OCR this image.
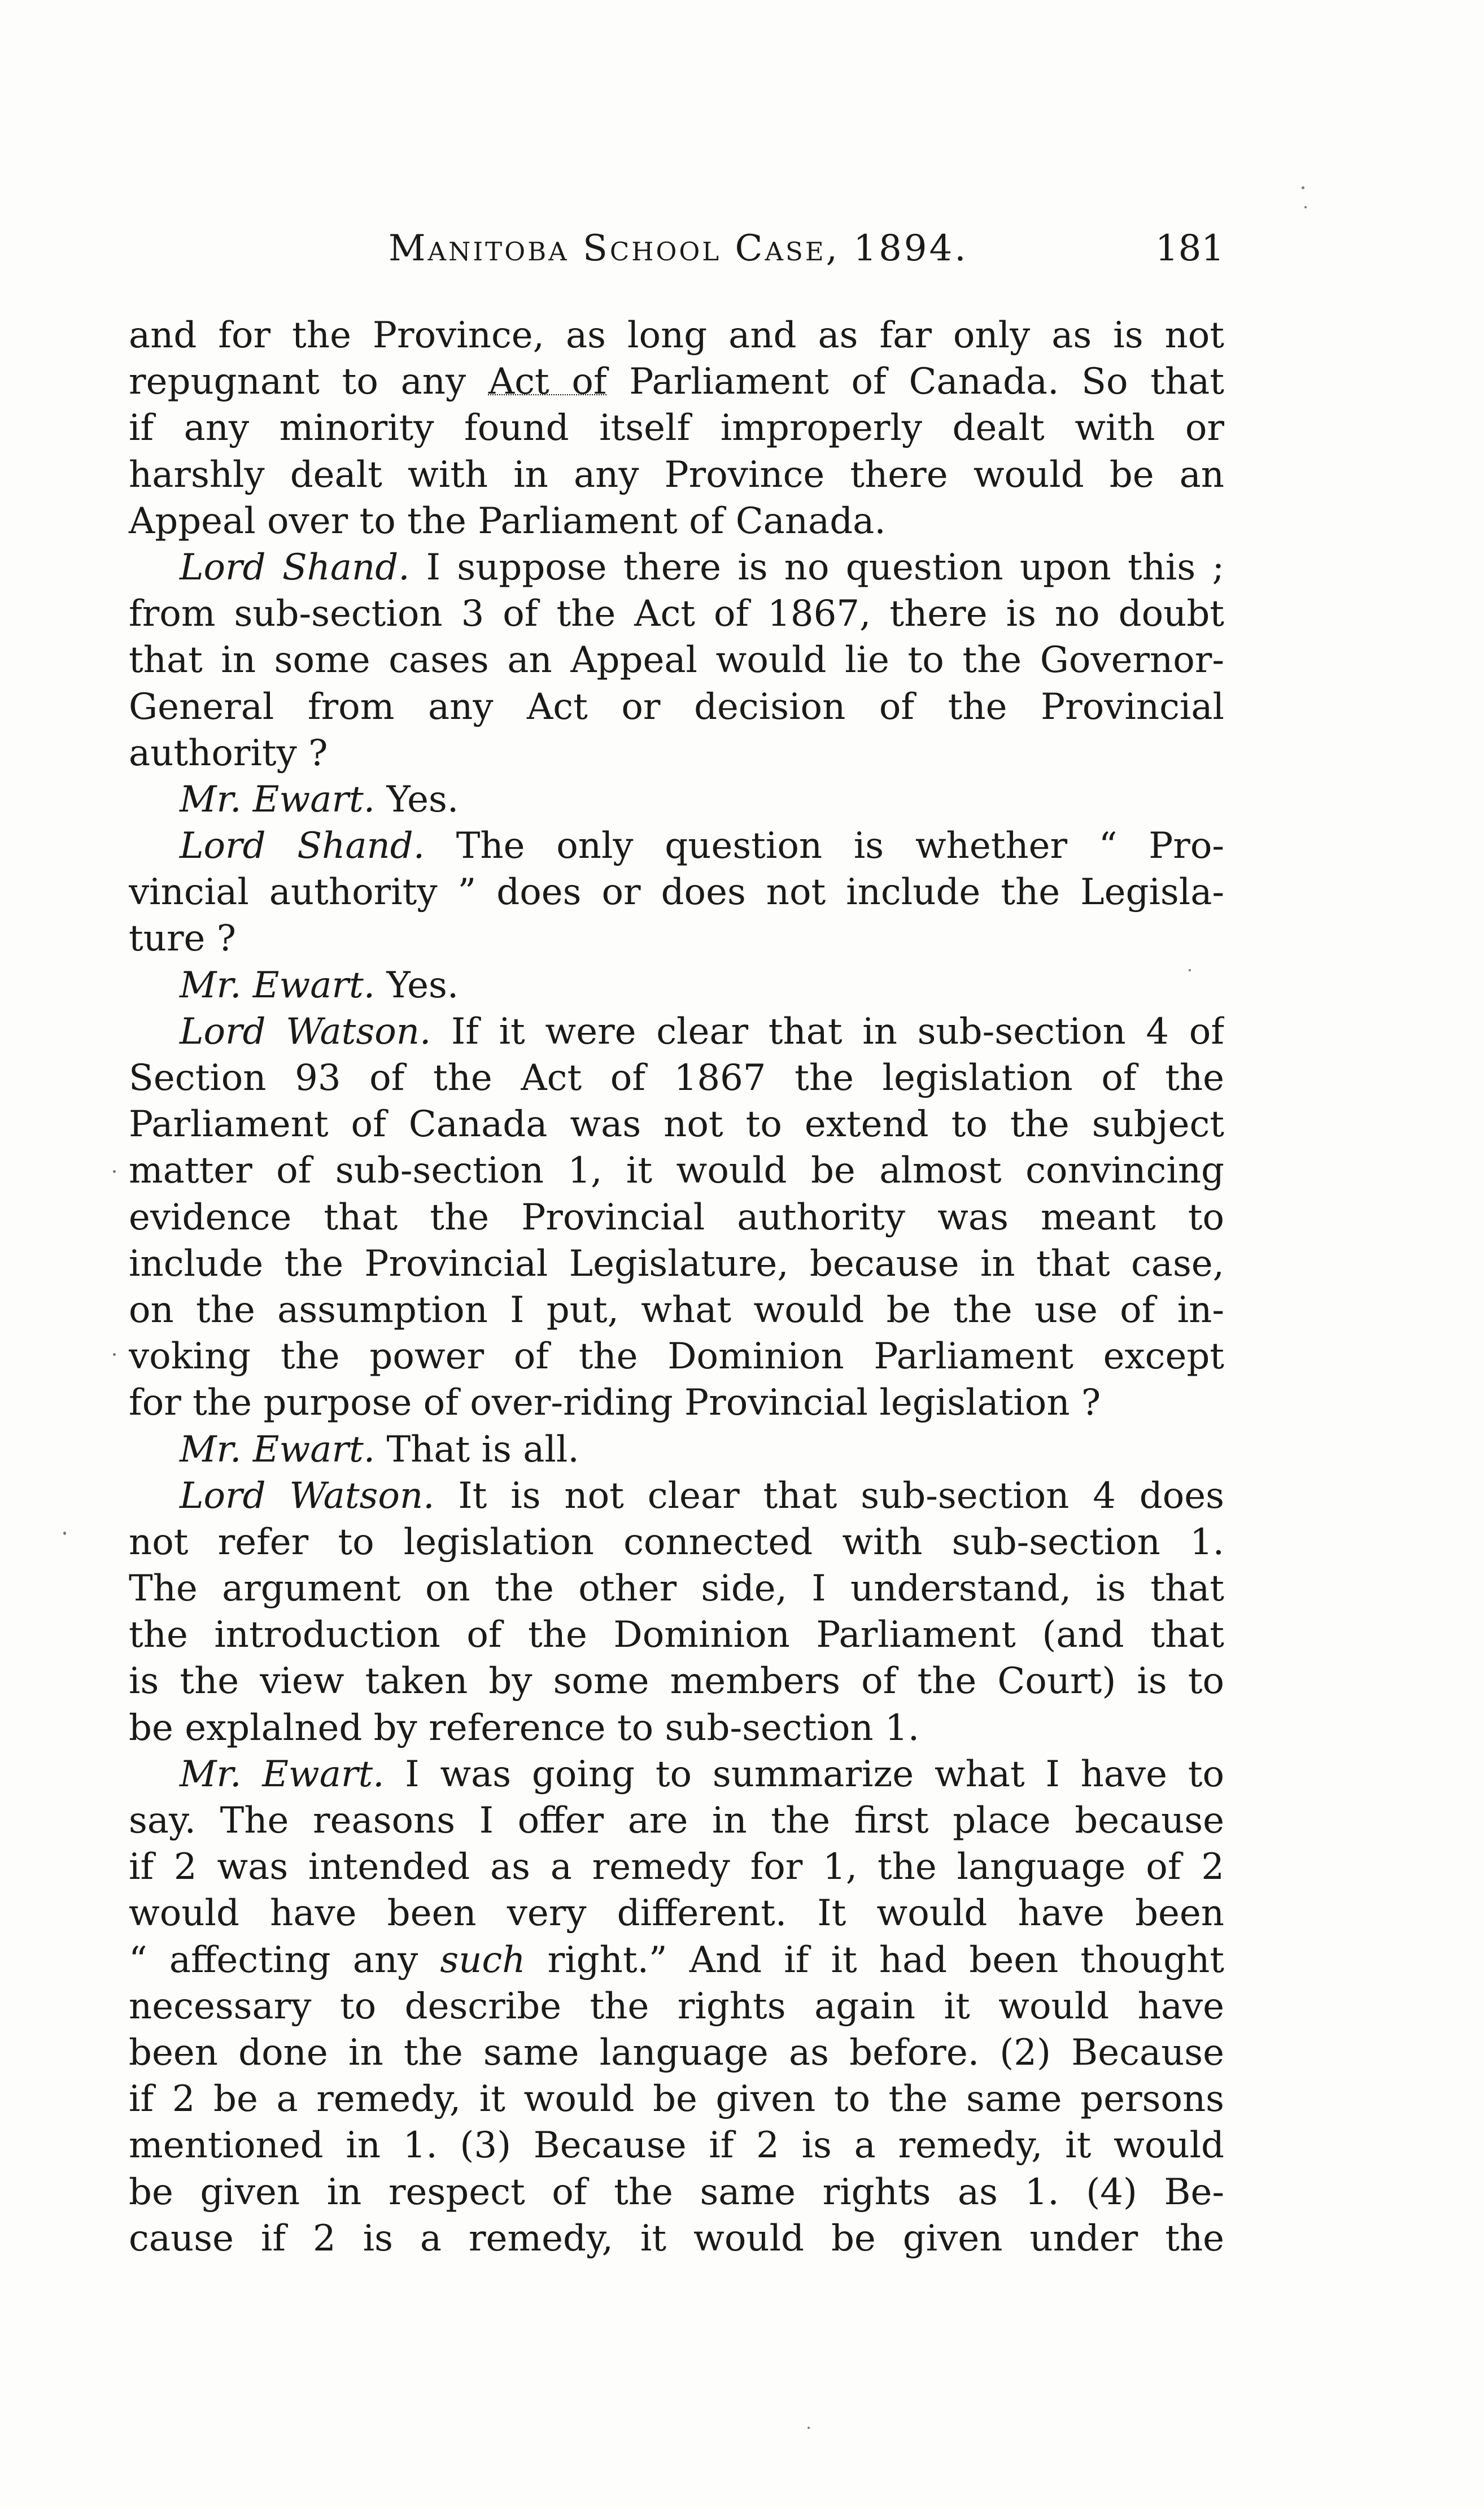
Manitoba School Case, 1894.	181
and for the Province, as long and as far only as is not
repugnant to any Act of Parliament of Canada. So that
if any minority found itself improperly dealt with or
harshly dealt with in any Province there would be an
Appeal over to the Parliament of Canada.
Lord Shand. I suppose there is no question upon this ;
from sub-section 3 of the Act of 1867, there is no doubt
that in some cases an Appeal would lie to the Governor-
General from any Act or decision of the Provincial
authority ?
Mr. Ewart. Yes.
Lord Shand. The only question is whether “ Pro-
vincial authority ” does or does not include the Legisla-
ture ?
Mr. Ewart. Yes.
Lord Watson. If it were clear that in sub-section 4 of
Section 93 of the Act of 1867 the legislation of the
Parliament of Canada was not to extend to the subject
matter of sub-section 1, it would be almost convincing
evidence that the Provincial authority was meant to
include the Provincial Legislature, because in that case,
on the assumption I put, what would be the use of in-
voking the power of the Dominion Parliament except
for the purpose of over-riding Provincial legislation ?
Mr. Ewart. That is all.
Lord Watson. It is not clear that sub-section 4 does
not refer to legislation connected with sub-section 1.
The argument on the other side, I understand, is that
the introduction of the Dominion Parliament (and that
is the view taken by some members of the Court) is to
be explalned by reference to sub-section 1.
Mr. Ewart. I was going to summarize what I have to
say. The reasons I offer are in the first place because
if 2 was intended as a remedy for 1, the language of 2
would have been very different. It would have been
“ affecting any such right.” And if it had been thought
necessary to describe the rights again it would have
been done in the same language as before. (2) Because
if 2 be a remedy, it would be given to the same persons
mentioned in 1. (3) Because if 2 is a remedy, it would
be given in respect of the same rights as 1. (4) Be-
cause if 2 is a remedy, it would be given under the
